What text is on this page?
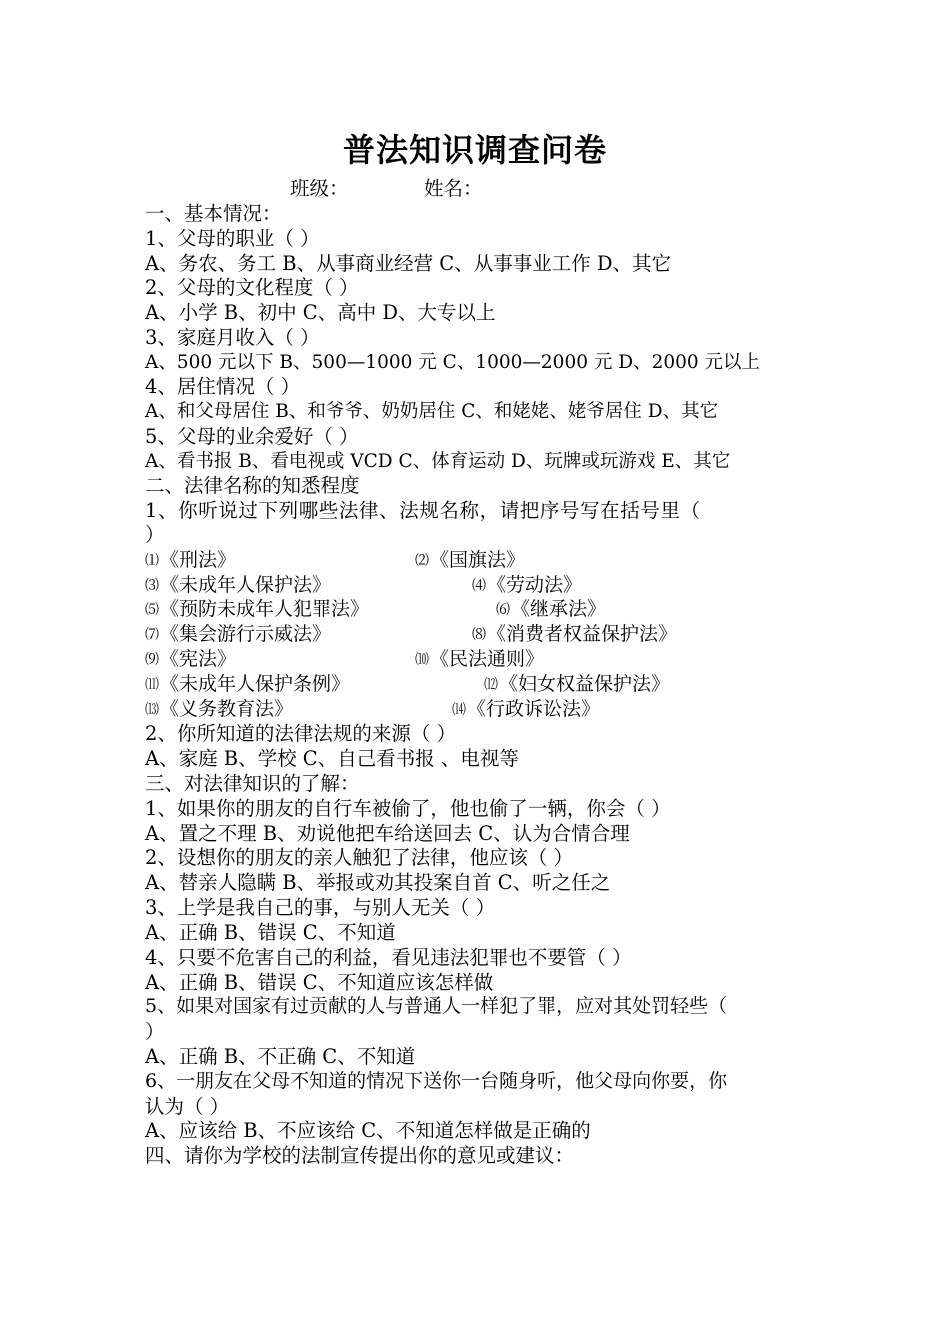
普法知识调查问卷
班级：	姓名：
一、基本情况：
1、父母的职业（ ）
A、务农、务工 B、从事商业经营 C、从事事业工作 D、其它
2、父母的文化程度（ ）
A、小学 B、初中 C、高中 D、大专以上
3、家庭月收入（ ）
A、500 元以下 B、500—1000 元 C、1000—2000 元 D、2000 元以上
4、居住情况（ ）
A、和父母居住 B、和爷爷、奶奶居住 C、和姥姥、姥爷居住 D、其它
5、父母的业余爱好（ ）
A、看书报 B、看电视或 VCD C、体育运动 D、玩牌或玩游戏 E、其它
二、法律名称的知悉程度
1、你听说过下列哪些法律、法规名称，请把序号写在括号里（
）
⑴《刑法》	⑵《国旗法》
⑶《未成年人保护法》	⑷《劳动法》
⑸《预防未成年人犯罪法》	⑹《继承法》
⑺《集会游行示威法》	⑻《消费者权益保护法》
⑼《宪法》	⑽《民法通则》
⑾《未成年人保护条例》	⑿《妇女权益保护法》
⒀《义务教育法》	⒁《行政诉讼法》
2、你所知道的法律法规的来源（ ）
A、家庭 B、学校 C、自己看书报 、电视等
三、对法律知识的了解：
1、如果你的朋友的自行车被偷了，他也偷了一辆，你会（ ）
A、置之不理 B、劝说他把车给送回去 C、认为合情合理
2、设想你的朋友的亲人触犯了法律，他应该（ ）
A、替亲人隐瞒 B、举报或劝其投案自首 C、听之任之
3、上学是我自己的事，与别人无关（ ）
A、正确 B、错误 C、不知道
4、只要不危害自己的利益，看见违法犯罪也不要管（ ）
A、正确 B、错误 C、不知道应该怎样做
5、如果对国家有过贡献的人与普通人一样犯了罪，应对其处罚轻些（
）
A、正确 B、不正确 C、不知道
6、一朋友在父母不知道的情况下送你一台随身听，他父母向你要，你
认为（ ）
A、应该给 B、不应该给 C、不知道怎样做是正确的
四、请你为学校的法制宣传提出你的意见或建议：
